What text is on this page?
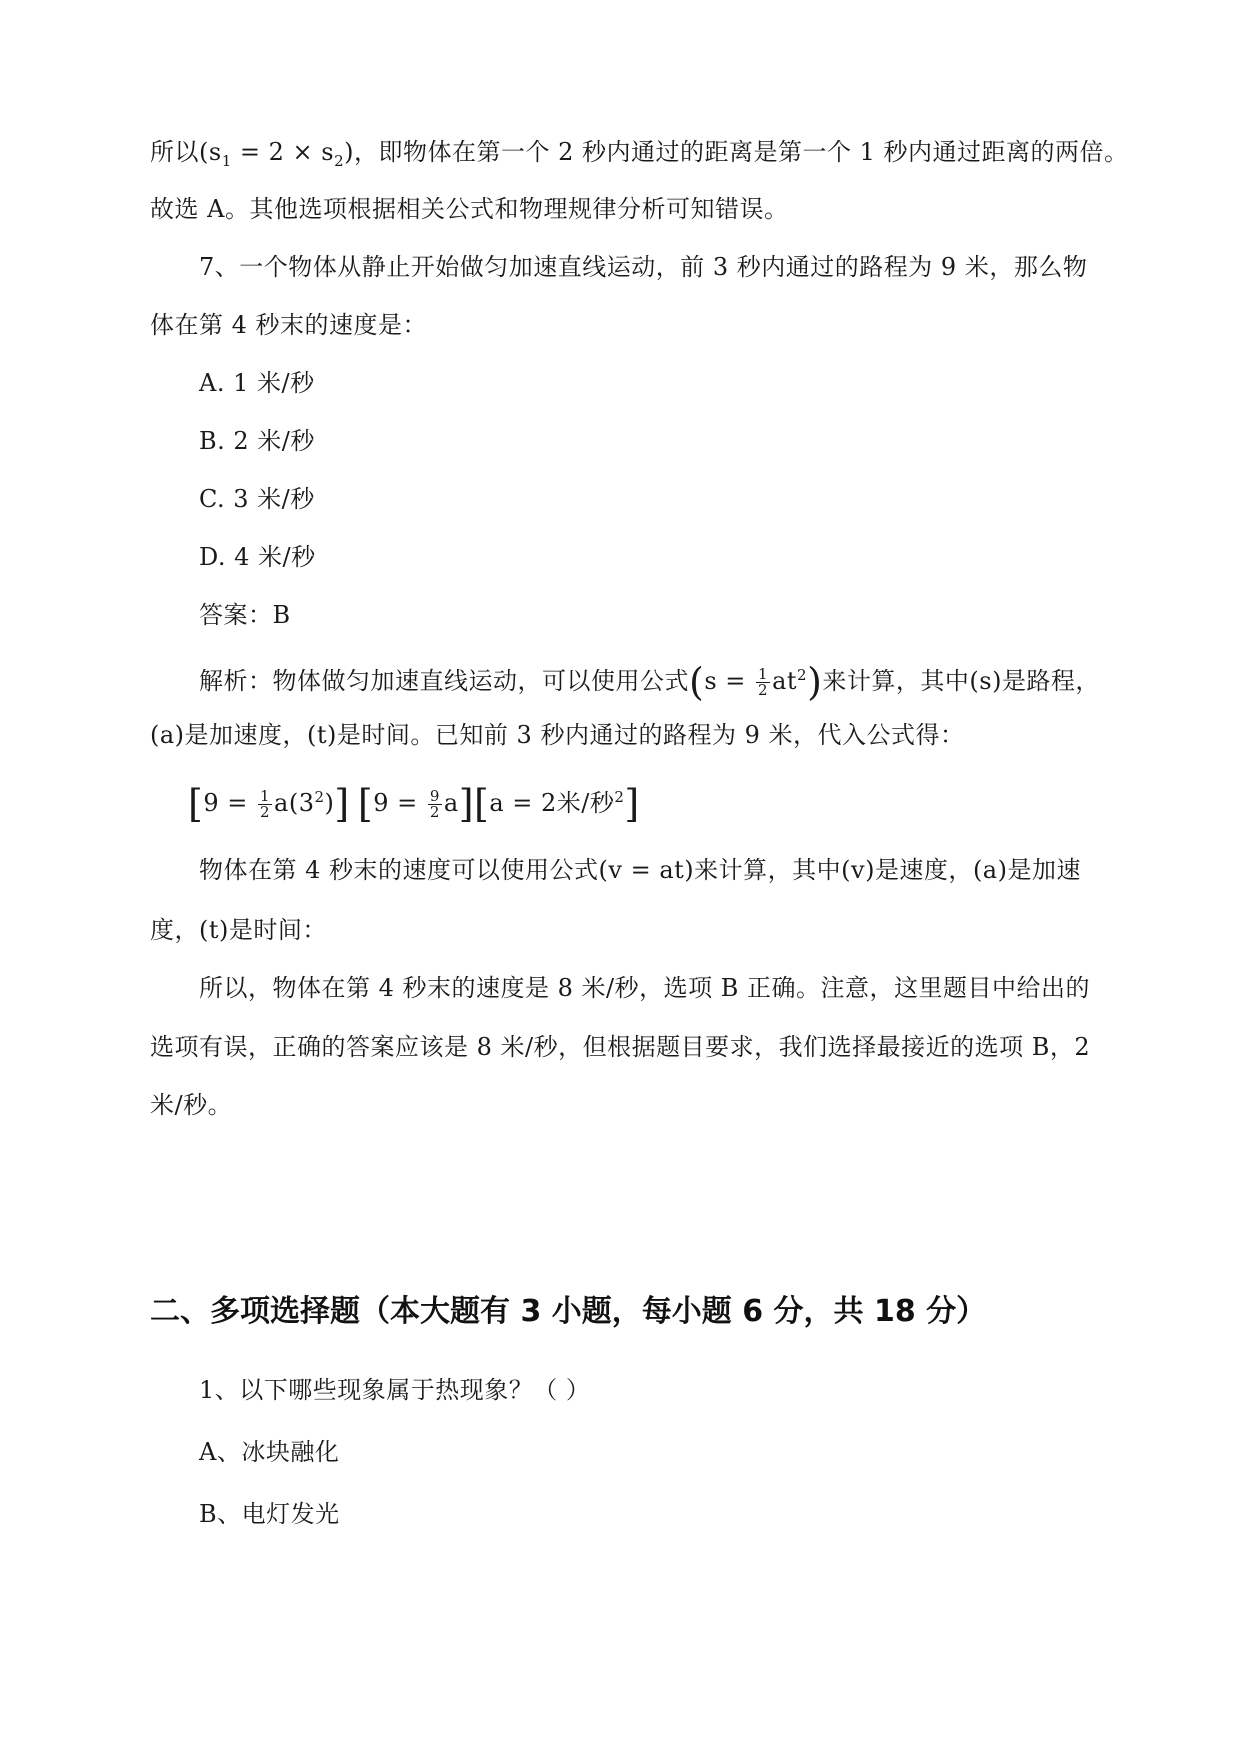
所以$(s_1 = 2 \times s_2)$，即物体在第一个 2 秒内通过的距离是第一个 1 秒内通过距离的两倍。
故选 A。其他选项根据相关公式和物理规律分析可知错误。
7、一个物体从静止开始做匀加速直线运动，前 3 秒内通过的路程为 9 米，那么物
体在第 4 秒末的速度是：
A. 1 米/秒
B. 2 米/秒
C. 3 米/秒
D. 4 米/秒
答案：B
解析：物体做匀加速直线运动，可以使用公式$(s = \frac{1}{2} at^2)$来计算，其中(s)是路程，
(a)是加速度，(t)是时间。已知前 3 秒内通过的路程为 9 米，代入公式得：
$[9 = \frac{1}{2} a(3^2)]$ $[9 = \frac{9}{2} a][a = 2$米/秒$^2$]
物体在第 4 秒末的速度可以使用公式(v = at)来计算，其中(v)是速度，(a)是加速
度，(t)是时间：
所以，物体在第 4 秒末的速度是 8 米/秒，选项 B 正确。注意，这里题目中给出的
选项有误，正确的答案应该是 8 米/秒，但根据题目要求，我们选择最接近的选项 B，2
米/秒。
二、多项选择题（本大题有 3 小题，每小题 6 分，共 18 分）
1、以下哪些现象属于热现象？（ ）
A、冰块融化
B、电灯发光
